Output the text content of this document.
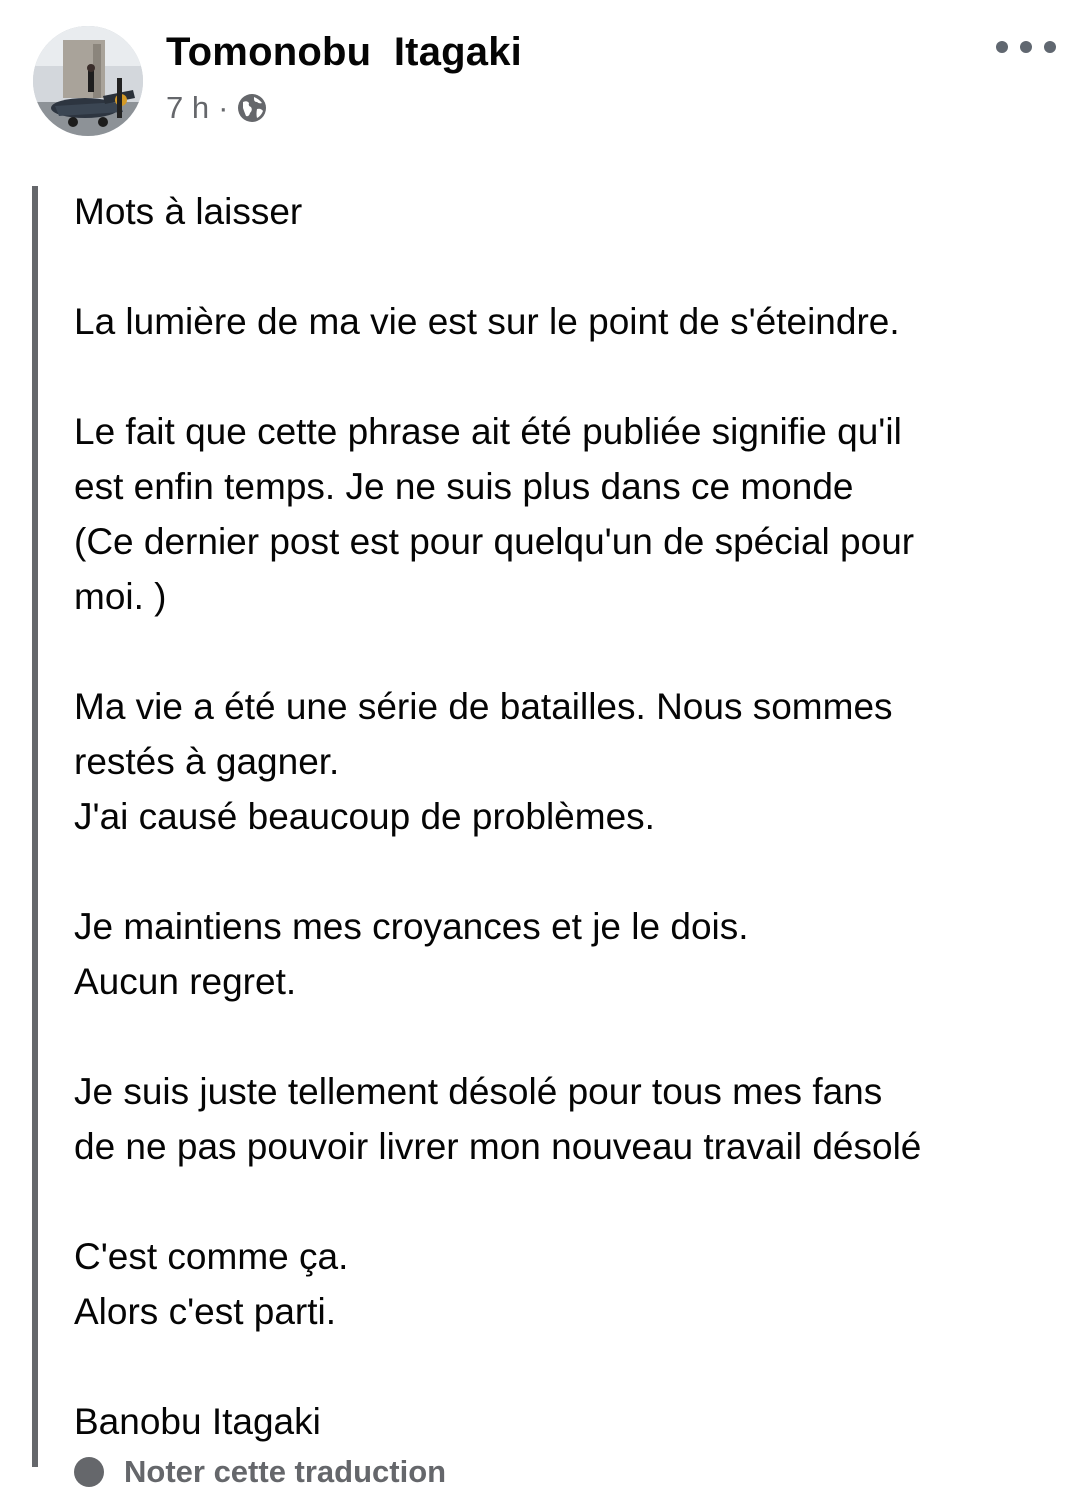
Tomonobu  Itagaki
7 h ·
Mots à laisser
La lumière de ma vie est sur le point de s'éteindre.
Le fait que cette phrase ait été publiée signifie qu'il
est enfin temps. Je ne suis plus dans ce monde
(Ce dernier post est pour quelqu'un de spécial pour
moi. )
Ma vie a été une série de batailles. Nous sommes
restés à gagner.
J'ai causé beaucoup de problèmes.
Je maintiens mes croyances et je le dois.
Aucun regret.
Je suis juste tellement désolé pour tous mes fans
de ne pas pouvoir livrer mon nouveau travail désolé
C'est comme ça.
Alors c'est parti.
Banobu Itagaki
Noter cette traduction
